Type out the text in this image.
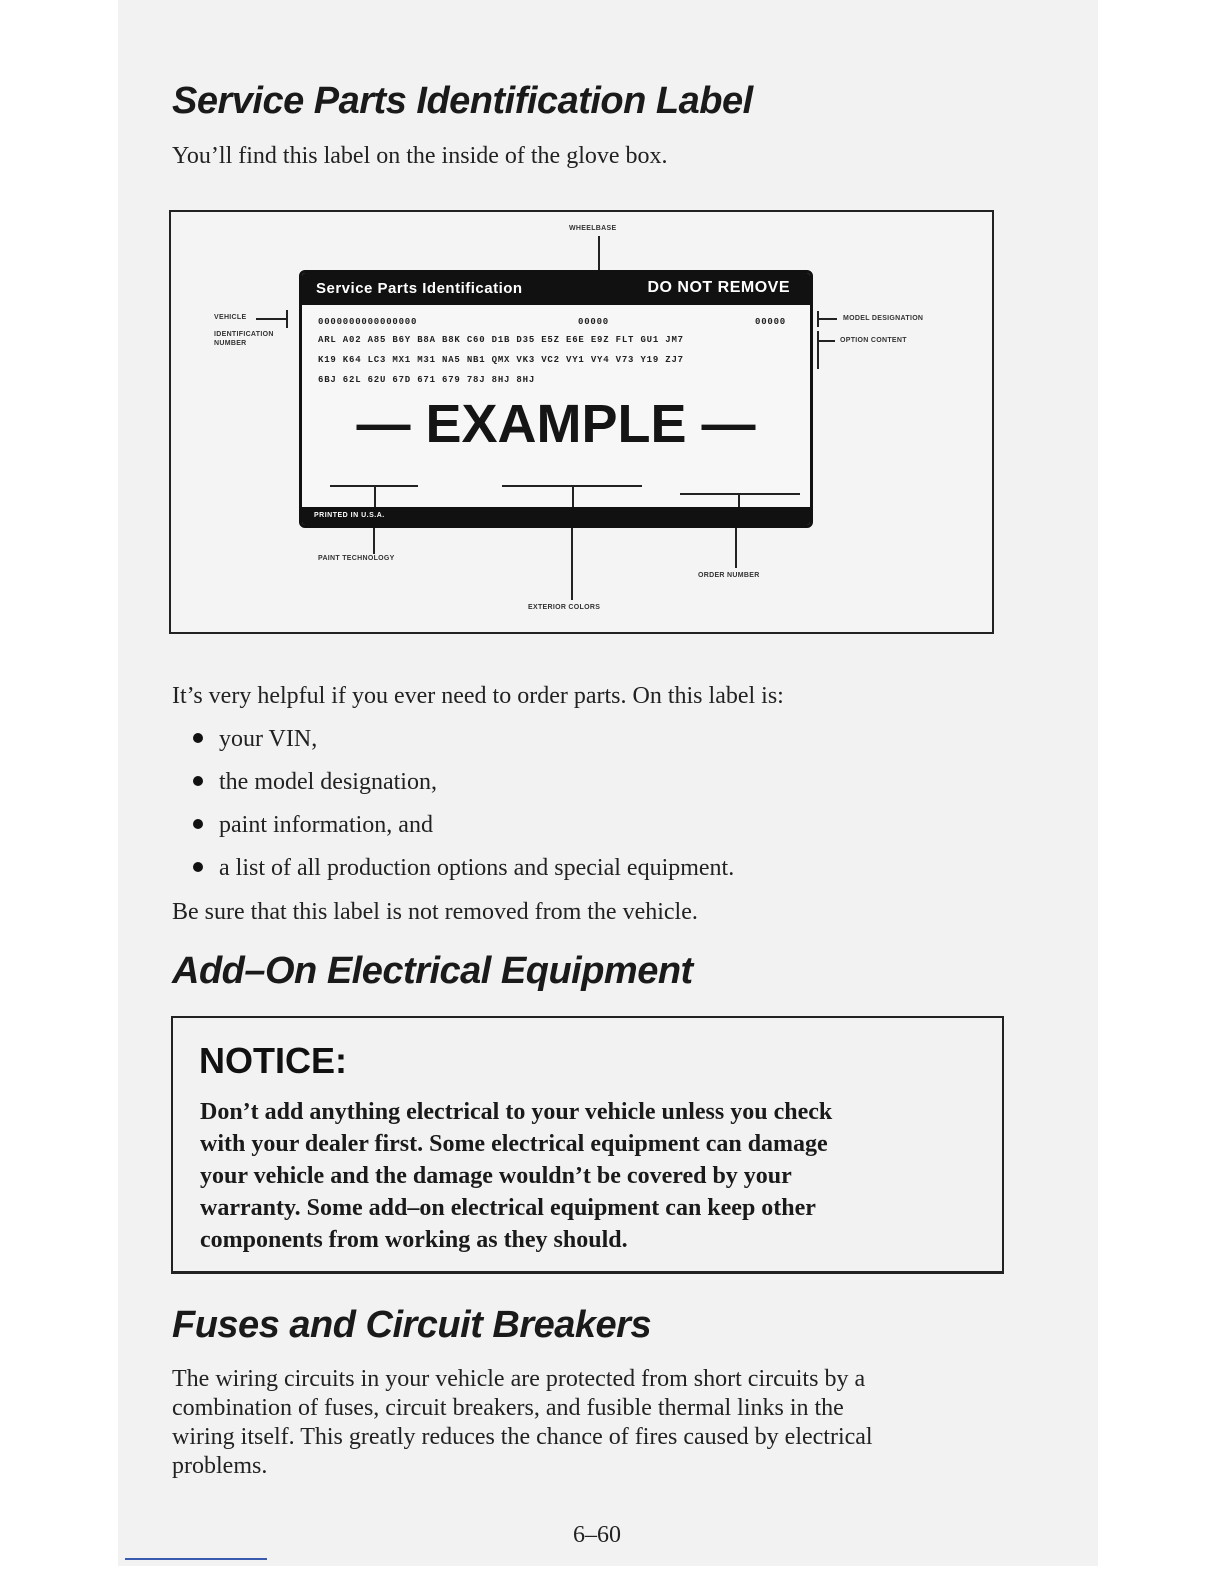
Service Parts Identification Label

You’ll find this label on the inside of the glove box.

WHEELBASE
VEHICLE
IDENTIFICATION
NUMBER
MODEL DESIGNATION
OPTION CONTENT
Service Parts Identification	DO NOT REMOVE
0000000000000000	00000	00000
ARL A02 A85 B6Y B8A B8K C60 D1B D35 E5Z E6E E9Z FLT GU1 JM7
K19 K64 LC3 MX1 M31 NA5 NB1 QMX VK3 VC2 VY1 VY4 V73 Y19 ZJ7
6BJ 62L 62U 67D 671 679 78J 8HJ 8HJ
— EXAMPLE —
PRINTED IN U.S.A.
PAINT TECHNOLOGY
EXTERIOR COLORS
ORDER NUMBER

It’s very helpful if you ever need to order parts. On this label is:

your VIN,
the model designation,
paint information, and
a list of all production options and special equipment.

Be sure that this label is not removed from the vehicle.

Add–On Electrical Equipment
NOTICE:
Don’t add anything electrical to your vehicle unless you check
with your dealer first. Some electrical equipment can damage
your vehicle and the damage wouldn’t be covered by your
warranty. Some add–on electrical equipment can keep other
components from working as they should.
Fuses and Circuit Breakers

The wiring circuits in your vehicle are protected from short circuits by a

combination of fuses, circuit breakers, and fusible thermal links in the

wiring itself. This greatly reduces the chance of fires caused by electrical

problems.

6–60
